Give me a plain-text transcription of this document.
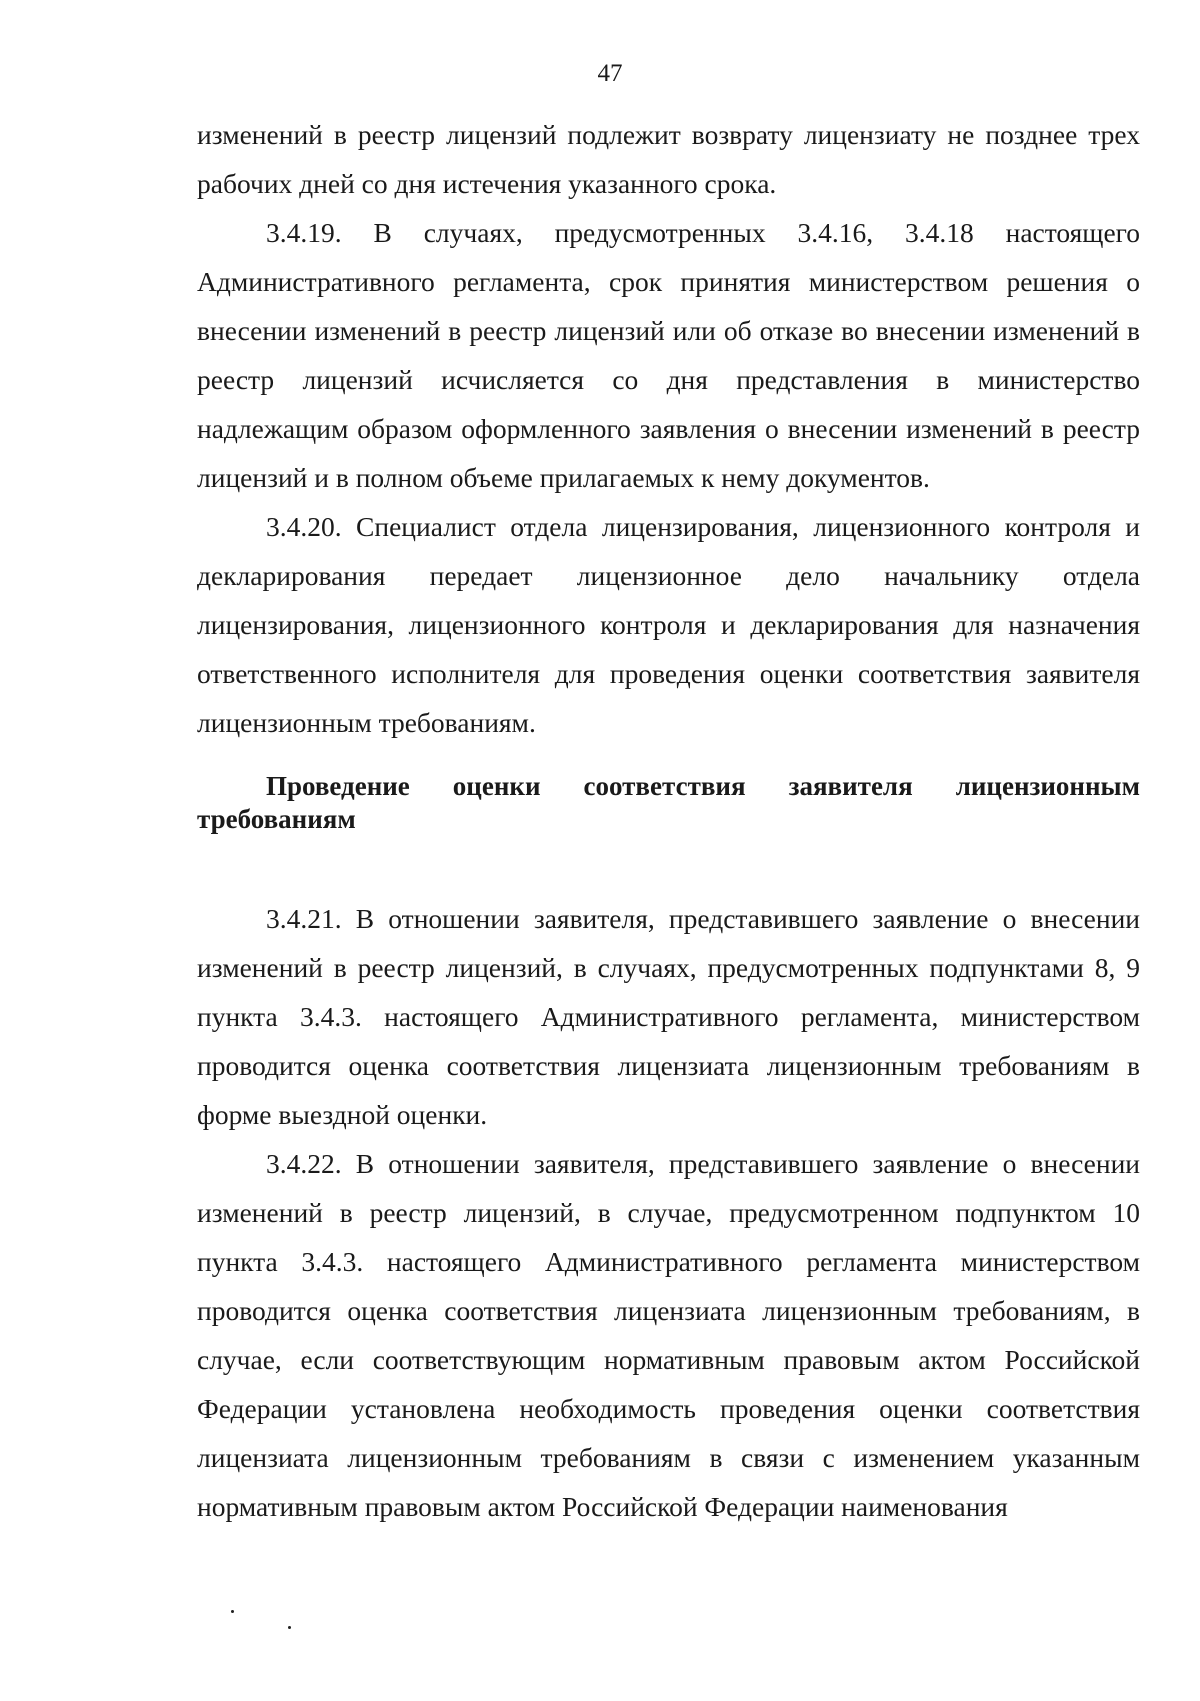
47

изменений в реестр лицензий подлежит возврату лицензиату не позднее трех рабочих дней со дня истечения указанного срока.

3.4.19. В случаях, предусмотренных 3.4.16, 3.4.18 настоящего Административного регламента, срок принятия министерством решения о внесении изменений в реестр лицензий или об отказе во внесении изменений в реестр лицензий исчисляется со дня представления в министерство надлежащим образом оформленного заявления о внесении изменений в реестр лицензий и в полном объеме прилагаемых к нему документов.

3.4.20. Специалист отдела лицензирования, лицензионного контроля и декларирования передает лицензионное дело начальнику отдела лицензирования, лицензионного контроля и декларирования для назначения ответственного исполнителя для проведения оценки соответствия заявителя лицензионным требованиям.

Проведение оценки соответствия заявителя лицензионным требованиям

3.4.21. В отношении заявителя, представившего заявление о внесении изменений в реестр лицензий, в случаях, предусмотренных подпунктами 8, 9 пункта 3.4.3. настоящего Административного регламента, министерством проводится оценка соответствия лицензиата лицензионным требованиям в форме выездной оценки.

3.4.22. В отношении заявителя, представившего заявление о внесении изменений в реестр лицензий, в случае, предусмотренном подпунктом 10 пункта 3.4.3. настоящего Административного регламента министерством проводится оценка соответствия лицензиата лицензионным требованиям, в случае, если соответствующим нормативным правовым актом Российской Федерации установлена необходимость проведения оценки соответствия лицензиата лицензионным требованиям в связи с изменением указанным нормативным правовым актом Российской Федерации наименования
